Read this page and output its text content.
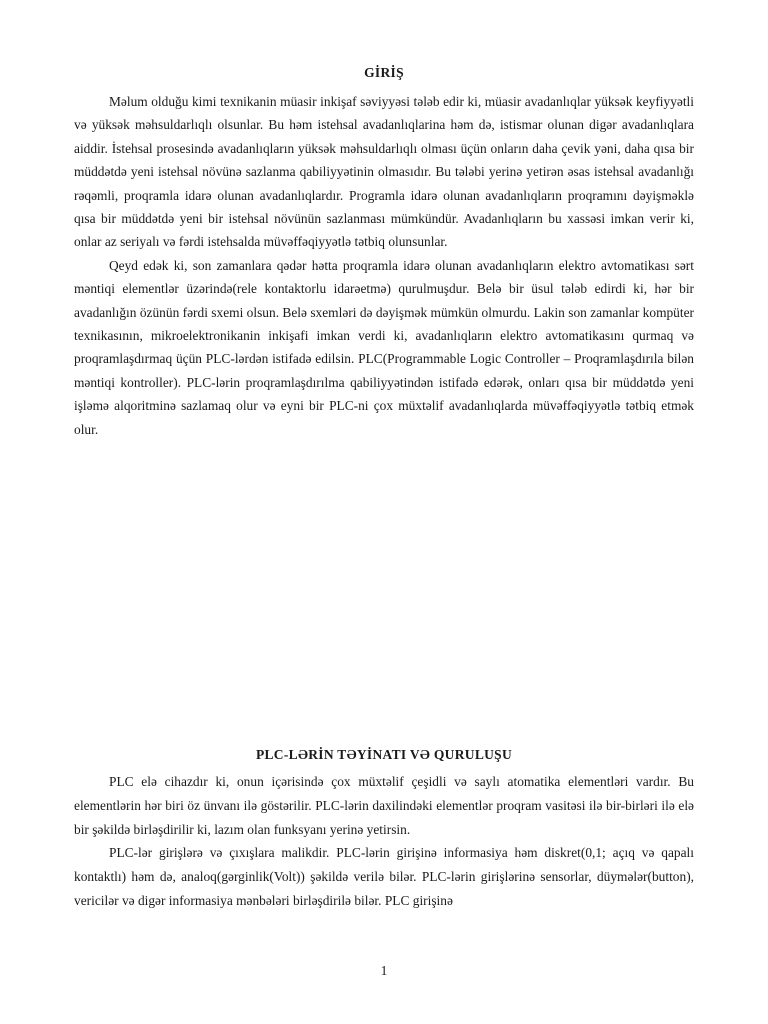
GİRİŞ

Məlum olduğu kimi texnikanin müasir inkişaf səviyyəsi tələb edir ki, müasir avadanlıqlar yüksək keyfiyyətli və yüksək məhsuldarlıqlı olsunlar. Bu həm istehsal avadanlıqlarina həm də, istismar olunan digər avadanlıqlara aiddir. İstehsal prosesində avadanlıqların yüksək məhsuldarlıqlı olması üçün onların daha çevik yəni, daha qısa bir müddətdə yeni istehsal növünə sazlanma qabiliyyətinin olmasıdır. Bu tələbi yerinə yetirən əsas istehsal avadanlığı rəqəmli, proqramla idarə olunan avadanlıqlardır. Programla idarə olunan avadanlıqların proqramını dəyişməklə qısa bir müddətdə yeni bir istehsal növünün sazlanması mümkündür. Avadanlıqların bu xassəsi imkan verir ki, onlar az seriyalı və fərdi istehsalda müvəffəqiyyətlə tətbiq olunsunlar.

Qeyd edək ki, son zamanlara qədər hətta proqramla idarə olunan avadanlıqların elektro avtomatikası sərt məntiqi elementlər üzərində(rele kontaktorlu idarəetmə) qurulmuşdur. Belə bir üsul tələb edirdi ki, hər bir avadanlığın özünün fərdi sxemi olsun. Belə sxemləri də dəyişmək mümkün olmurdu. Lakin son zamanlar kompüter texnikasının, mikroelektronikanin inkişafi imkan verdi ki, avadanlıqların elektro avtomatikasını qurmaq və proqramlaşdırmaq üçün PLC-lərdən istifadə edilsin. PLC(Programmable Logic Controller – Proqramlaşdırıla bilən məntiqi kontroller). PLC-lərin proqramlaşdırılma qabiliyyətindən istifadə edərək, onları qısa bir müddətdə yeni işləmə alqoritminə sazlamaq olur və eyni bir PLC-ni çox müxtəlif avadanlıqlarda müvəffəqiyyətlə tətbiq etmək olur.

PLC-LƏRİN TƏYİNATI VƏ QURULUŞU

PLC elə cihazdır ki, onun içərisində çox müxtəlif çeşidli və saylı atomatika elementləri vardır. Bu elementlərin hər biri öz ünvanı ilə göstərilir. PLC-lərin daxilindəki elementlər proqram vasitəsi ilə bir-birləri ilə elə bir şəkildə birləşdirilir ki, lazım olan funksyanı yerinə yetirsin.

PLC-lər girişlərə və çıxışlara malikdir. PLC-lərin girişinə informasiya həm diskret(0,1; açıq və qapalı kontaktlı) həm də, analoq(gərginlik(Volt)) şəkildə verilə bilər. PLC-lərin girişlərinə sensorlar, düymələr(button), vericilər və digər informasiya mənbələri birləşdirilə bilər. PLC girişinə

1
